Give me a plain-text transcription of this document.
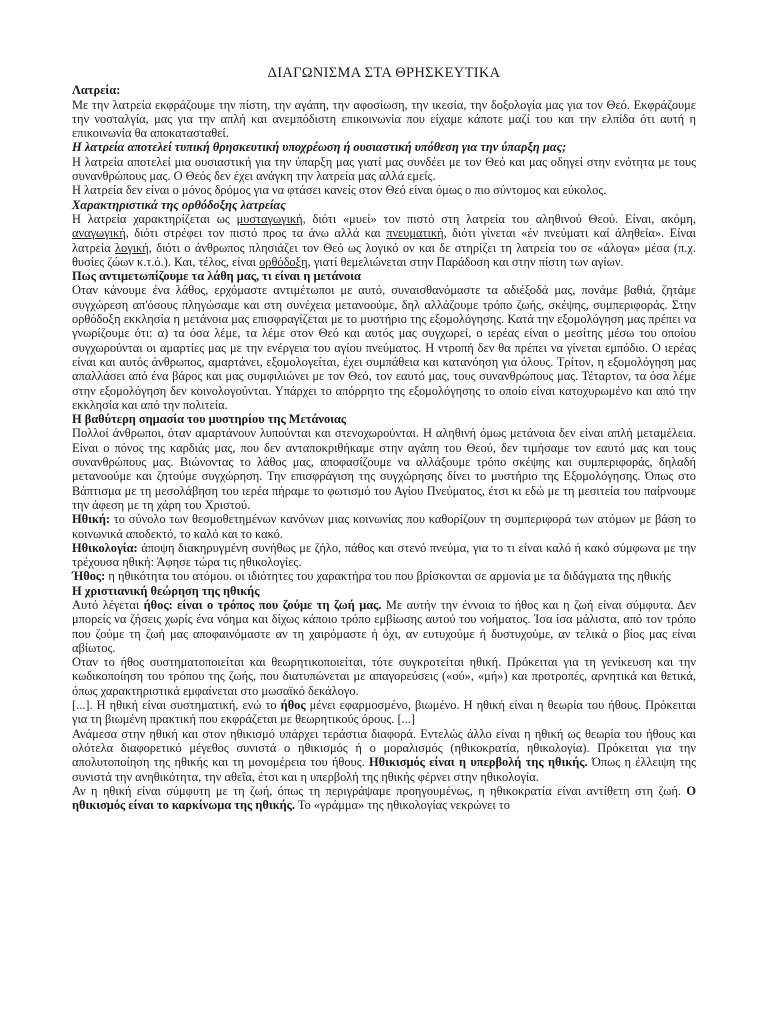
ΔΙΑΓΩΝΙΣΜΑ ΣΤΑ ΘΡΗΣΚΕΥΤΙΚΑ
Λατρεία:

Με την λατρεία εκφράζουμε την πίστη, την αγάπη, την αφοσίωση, την ικεσία, την δοξολογία μας για τον Θεό. Εκφράζουμε την νοσταλγία, μας για την απλή και ανεμπόδιστη επικοινωνία που είχαμε κάποτε μαζί του και την ελπίδα ότι αυτή η επικοινωνία θα αποκατασταθεί.

Η λατρεία αποτελεί τυπική θρησκευτική υποχρέωση ή ουσιαστική υπόθεση για την ύπαρξη μας;

Η λατρεία αποτελεί μια ουσιαστική για την ύπαρξη μας γιατί μας συνδέει με τον Θεό και μας οδηγεί στην ενότητα με τους συνανθρώπους μας. Ο Θεός δεν έχει ανάγκη την λατρεία μας αλλά εμείς.

Η λατρεία δεν είναι ο μόνος δρόμος για να φτάσει κανείς στον Θεό είναι όμως ο πιο σύντομος και εύκολος.

Χαρακτηριστικά της ορθόδοξης λατρείας

Η λατρεία χαρακτηρίζεται ως μυσταγωγική, διότι «μυεί» τον πιστό στη λατρεία του αληθινού Θεού. Είναι, ακόμη, αναγωγική, διότι στρέφει τον πιστό προς τα άνω αλλά και πνευματική, διότι γίνεται «έν πνεύματι καί άληθεία». Είναι λατρεία λογική, διότι ο άνθρωπος πλησιάζει τον Θεό ως λογικό ον και δε στηρίζει τη λατρεία του σε «άλογα» μέσα (π.χ. θυσίες ζώων κ.τ.ό.). Και, τέλος, είναι ορθόδοξη, γιατί θεμελιώνεται στην Παράδοση και στην πίστη των αγίων.

Πως αντιμετωπίζουμε τα λάθη μας, τι είναι η μετάνοια

Οταν κάνουμε ένα λάθος, ερχόμαστε αντιμέτωποι με αυτό, συναισθανόμαστε τα αδιέξοδά μας, πονάμε βαθιά, ζητάμε συγχώρεση απ'όσους πληγώσαμε και στη συνέχεια μετανοούμε, δηλ αλλάζουμε τρόπο ζωής, σκέψης, συμπεριφοράς. Στην ορθόδοξη εκκλησία η μετάνοια μας επισφραγίζεται με το μυστήριο της εξομολόγησης. Κατά την εξομολόγηση μας πρέπει να γνωρίζουμε ότι: α) τα όσα λέμε, τα λέμε στον Θεό και αυτός μας συγχωρεί, ο ιερέας είναι ο μεσίτης μέσω του οποίου συγχωρούνται οι αμαρτίες μας με την ενέργεια του αγίου πνεύματος. Η ντροπή δεν θα πρέπει να γίνεται εμπόδιο. Ο ιερέας είναι και αυτός άνθρωπος, αμαρτάνει, εξομολογείται, έχει συμπάθεια και κατανόηση για όλους. Τρίτον, η εξομολόγηση μας απαλλάσει από ένα βάρος και μας συμφιλιώνει με τον Θεό, τον εαυτό μας, τους συνανθρώπους μας. Τέταρτον, τα όσα λέμε στην εξομολόγηση δεν κοινολογούνται. Υπάρχει το απόρρητο της εξομολόγησης το οποίο είναι κατοχυρωμένο και από την εκκλησία και από την πολιτεία.

Η βαθύτερη σημασία του μυστηρίου της Μετάνοιας

Πολλοί άνθρωποι, όταν αμαρτάνουν λυπούνται και στενοχωρούνται. Η αληθινή όμως μετάνοια δεν είναι απλή μεταμέλεια. Είναι ο πόνος της καρδιάς μας, που δεν ανταποκριθήκαμε στην αγάπη του Θεού, δεν τιμήσαμε τον εαυτό μας και τους συνανθρώπους μας. Βιώνοντας το λάθος μας, αποφασίζουμε να αλλάξουμε τρόπο σκέψης και συμπεριφοράς, δηλαδή μετανοούμε και ζητούμε συγχώρηση. Την επισφράγιση της συγχώρησης δίνει το μυστήριο της Εξομολόγησης. Όπως στο Βάπτισμα με τη μεσολάβηση του ιερέα πήραμε το φωτισμό του Αγίου Πνεύματος, έτσι κι εδώ με τη μεσιτεία του παίρνουμε την άφεση με τη χάρη του Χριστού.

Ηθική: το σύνολο των θεσμοθετημένων κανόνων μιας κοινωνίας που καθορίζουν τη συμπεριφορά των ατόμων με βάση το κοινωνικά αποδεκτό, το καλό και το κακό.

Ηθικολογία: άποψη διακηρυγμένη συνήθως με ζήλο, πάθος και στενό πνεύμα, για το τι είναι καλό ή κακό σύμφωνα με την τρέχουσα ηθική: Άφησε τώρα τις ηθικολογίες.

Ήθος: η ηθικότητα του ατόμου. οι ιδιότητες του χαρακτήρα του που βρίσκονται σε αρμονία με τα διδάγματα της ηθικής

Η χριστιανική θεώρηση της ηθικής

Αυτό λέγεται ήθος: είναι ο τρόπος που ζούμε τη ζωή μας. Με αυτήν την έννοια το ήθος και η ζωή είναι σύμφυτα. Δεν μπορείς να ζήσεις χωρίς ένα νόημα και δίχως κάποιο τρόπο εμβίωσης αυτού του νοήματος. Ίσα ίσα μάλιστα, από τον τρόπο που ζούμε τη ζωή μας αποφαινόμαστε αν τη χαιρόμαστε ή όχι, αν ευτυχούμε ή δυστυχούμε, αν τελικά ο βίος μας είναι αβίωτος.

Οταν το ήθος συστηματοποιείται και θεωρητικοποιείται, τότε συγκροτείται ηθική. Πρόκειται για τη γενίκευση και την κωδικοποίηση του τρόπου της ζωής, που διατυπώνεται με απαγορεύσεις («ού», «μή») και προτροπές, αρνητικά και θετικά, όπως χαρακτηριστικά εμφαίνεται στο μωσαϊκό δεκάλογο.

[...]. Η ηθική είναι συστηματική, ενώ το ήθος μένει εφαρμοσμένο, βιωμένο. Η ηθική είναι η θεωρία του ήθους. Πρόκειται για τη βιωμένη πρακτική που εκφράζεται με θεωρητικούς όρους. [...]

Ανάμεσα στην ηθική και στον ηθικισμό υπάρχει τεράστια διαφορά. Εντελώς άλλο είναι η ηθική ως θεωρία του ήθους και ολότελα διαφορετικό μέγεθος συνιστά ο ηθικισμός ή ο μοραλισμός (ηθικοκρατία, ηθικολογία). Πρόκειται για την απολυτοποίηση της ηθικής και τη μονομέρεια του ήθους. Ηθικισμός είναι η υπερβολή της ηθικής. Όπως η έλλειψη της συνιστά την ανηθικότητα, την αθεΐα, έτσι και η υπερβολή της ηθικής φέρνει στην ηθικολογία.

Αν η ηθική είναι σύμφυτη με τη ζωή, όπως τη περιγράψαμε προηγουμένως, η ηθικοκρατία είναι αντίθετη στη ζωή. Ο ηθικισμός είναι το καρκίνωμα της ηθικής. Το «γράμμα» της ηθικολογίας νεκρώνει το
